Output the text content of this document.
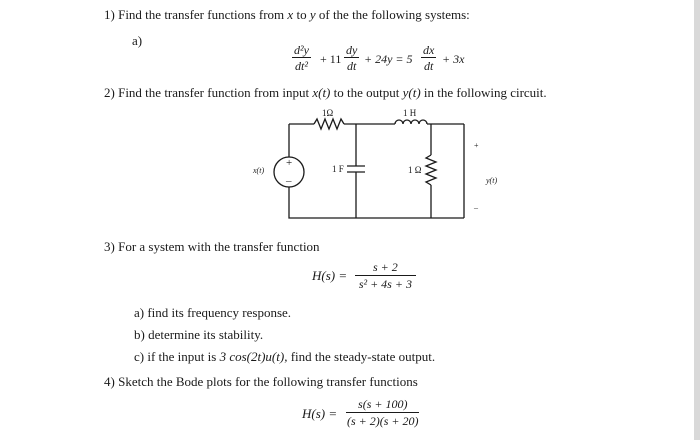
1) Find the transfer functions from x to y of the the following systems:
a)
$\frac{\text{d²y}}{\text{dt²}} + 11 \frac{dy}{dt} + 24y = 5 \frac{dx}{dt} + 3x$
2) Find the transfer function from input x(t) to the output y(t) in the following circuit.
+
–
1Ω	1 H
1 F	1 Ω
x(t)
+
y(t)
–
3) For a system with the transfer function
$H(s) = \frac{s + 2}{\text{s² + 4s + 3}}$
a) find its frequency response.
b) determine its stability.
c) if the input is 3 cos(2t)u(t), find the steady-state output.
4) Sketch the Bode plots for the following transfer functions
$H(s) = \frac{s(s + 100)}{(s + 2)(s + 20)}$
